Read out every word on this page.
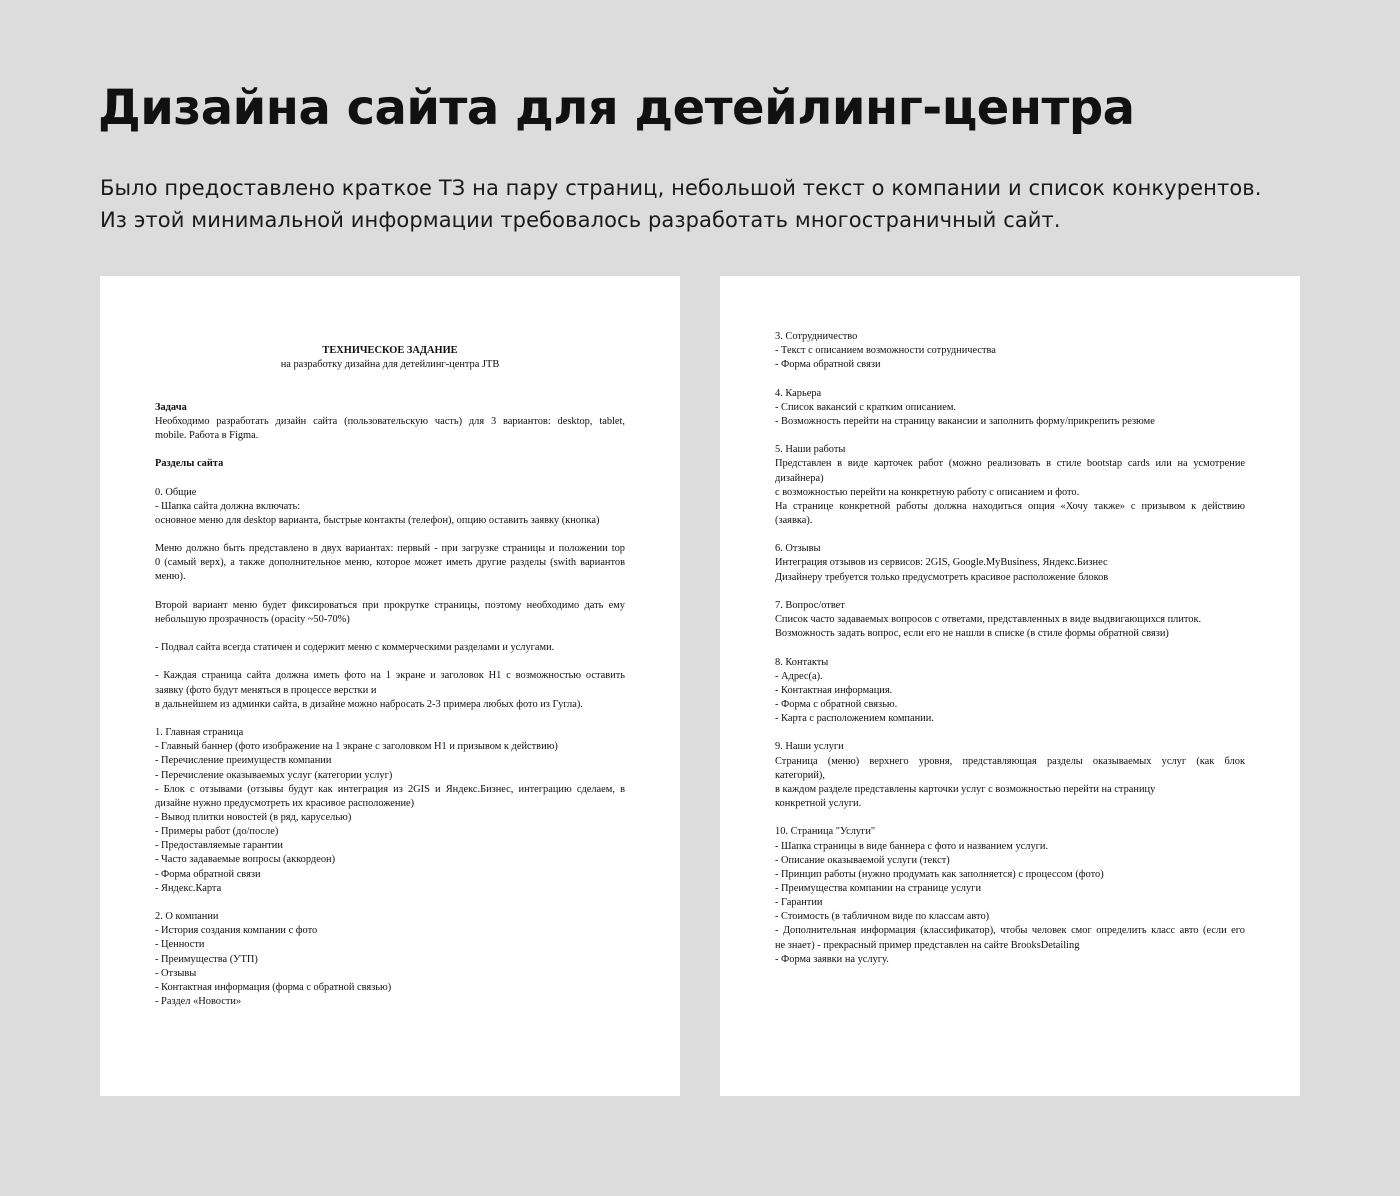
Дизайна сайта для детейлинг-центра
Было предоставлено краткое ТЗ на пару страниц, небольшой текст о компании и список конкурентов.
Из этой минимальной информации требовалось разработать многостраничный сайт.
ТЕХНИЧЕСКОЕ ЗАДАНИЕ
на разработку дизайна для детейлинг-центра JTB
Задача
Необходимо разработать дизайн сайта (пользовательскую часть) для 3 вариантов: desktop, tablet,
mobile. Работа в Figma.
Разделы сайта
0. Общие
- Шапка сайта должна включать:
основное меню для desktop варианта, быстрые контакты (телефон), опцию оставить заявку (кнопка)
Меню должно быть представлено в двух вариантах: первый - при загрузке страницы и положении top
0 (самый верх), а также дополнительное меню, которое может иметь другие разделы (swith вариантов
меню).
Второй вариант меню будет фиксироваться при прокрутке страницы, поэтому необходимо дать ему
небольшую прозрачность (opacity ~50-70%)
- Подвал сайта всегда статичен и содержит меню с коммерческими разделами и услугами.
- Каждая страница сайта должна иметь фото на 1 экране и заголовок H1 с возможностью оставить
заявку (фото будут меняться в процессе верстки и
в дальнейшем из админки сайта, в дизайне можно набросать 2-3 примера любых фото из Гугла).
1. Главная страница
- Главный баннер (фото изображение на 1 экране с заголовком H1 и призывом к действию)
- Перечисление преимуществ компании
- Перечисление оказываемых услуг (категории услуг)
- Блок с отзывами (отзывы будут как интеграция из 2GIS и Яндекс.Бизнес, интеграцию сделаем, в
дизайне нужно предусмотреть их красивое расположение)
- Вывод плитки новостей (в ряд, каруселью)
- Примеры работ (до/после)
- Предоставляемые гарантии
- Часто задаваемые вопросы (аккордеон)
- Форма обратной связи
- Яндекс.Карта
2. О компании
- История создания компании с фото
- Ценности
- Преимущества (УТП)
- Отзывы
- Контактная информация (форма с обратной связью)
- Раздел «Новости»
3. Сотрудничество
- Текст с описанием возможности сотрудничества
- Форма обратной связи
4. Карьера
- Список вакансий с кратким описанием.
- Возможность перейти на страницу вакансии и заполнить форму/прикрепить резюме
5. Наши работы
Представлен в виде карточек работ (можно реализовать в стиле bootstap cards или на усмотрение
дизайнера)
с возможностью перейти на конкретную работу с описанием и фото.
На странице конкретной работы должна находиться опция «Хочу также» с призывом к действию
(заявка).
6. Отзывы
Интеграция отзывов из сервисов: 2GIS, Google.MyBusiness, Яндекс.Бизнес
Дизайнеру требуется только предусмотреть красивое расположение блоков
7. Вопрос/ответ
Список часто задаваемых вопросов с ответами, представленных в виде выдвигающихся плиток.
Возможность задать вопрос, если его не нашли в списке (в стиле формы обратной связи)
8. Контакты
- Адрес(а).
- Контактная информация.
- Форма с обратной связью.
- Карта с расположением компании.
9. Наши услуги
Страница (меню) верхнего уровня, представляющая разделы оказываемых услуг (как блок
категорий),
в каждом разделе представлены карточки услуг с возможностью перейти на страницу
конкретной услуги.
10. Страница "Услуги"
- Шапка страницы в виде баннера с фото и названием услуги.
- Описание оказываемой услуги (текст)
- Принцип работы (нужно продумать как заполняется) с процессом (фото)
- Преимущества компании на странице услуги
- Гарантии
- Стоимость (в табличном виде по классам авто)
- Дополнительная информация (классификатор), чтобы человек смог определить класс авто (если его
не знает) - прекрасный пример представлен на сайте BrooksDetailing
- Форма заявки на услугу.
